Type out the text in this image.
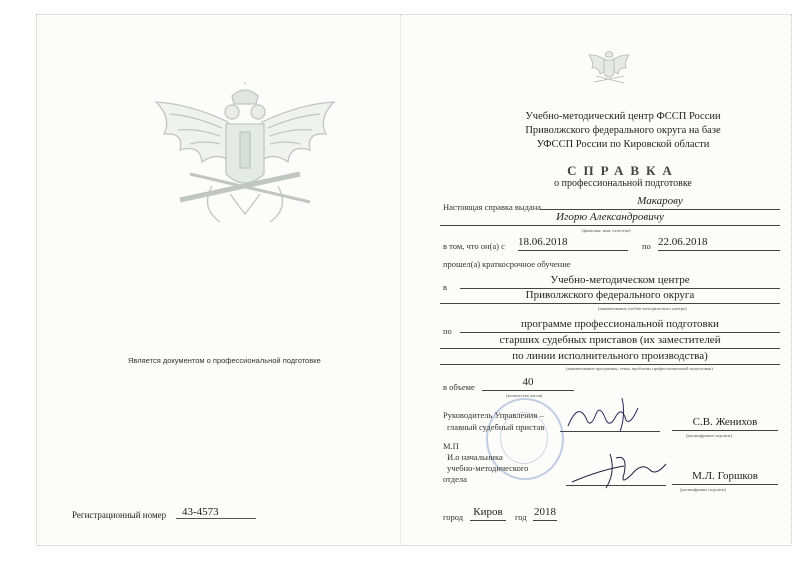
Является документом о профессиональной подготовке
Регистрационный номер	43-4573
Учебно-методический центр ФССП России
Приволжского федерального округа на базе
УФССП России по Кировской области
СПРАВКА
о профессиональной подготовке
Настоящая справка выдана	Макарову
Игорю Александровичу
(фамилия, имя, отчество)
в том, что он(а) с 18.06.2018	по 22.06.2018
прошел(а) краткосрочное обучение
в
Учебно-методическом центре
Приволжского федерального округа
(наименование учебно-методического центра)
по
программе профессиональной подготовки
старших судебных приставов (их заместителей
по линии исполнительного производства)
(наименование программы, темы, проблемы профессиональной подготовки)
в объеме	40
(количество часов)
Руководитель Управления –
главный судебный пристав	С.В. Женихов
(расшифровка подписи)
М.П
И.о начальника
учебно-методического
отдела	М.Л. Горшков
(расшифровка подписи)
город Киров	год 2018
